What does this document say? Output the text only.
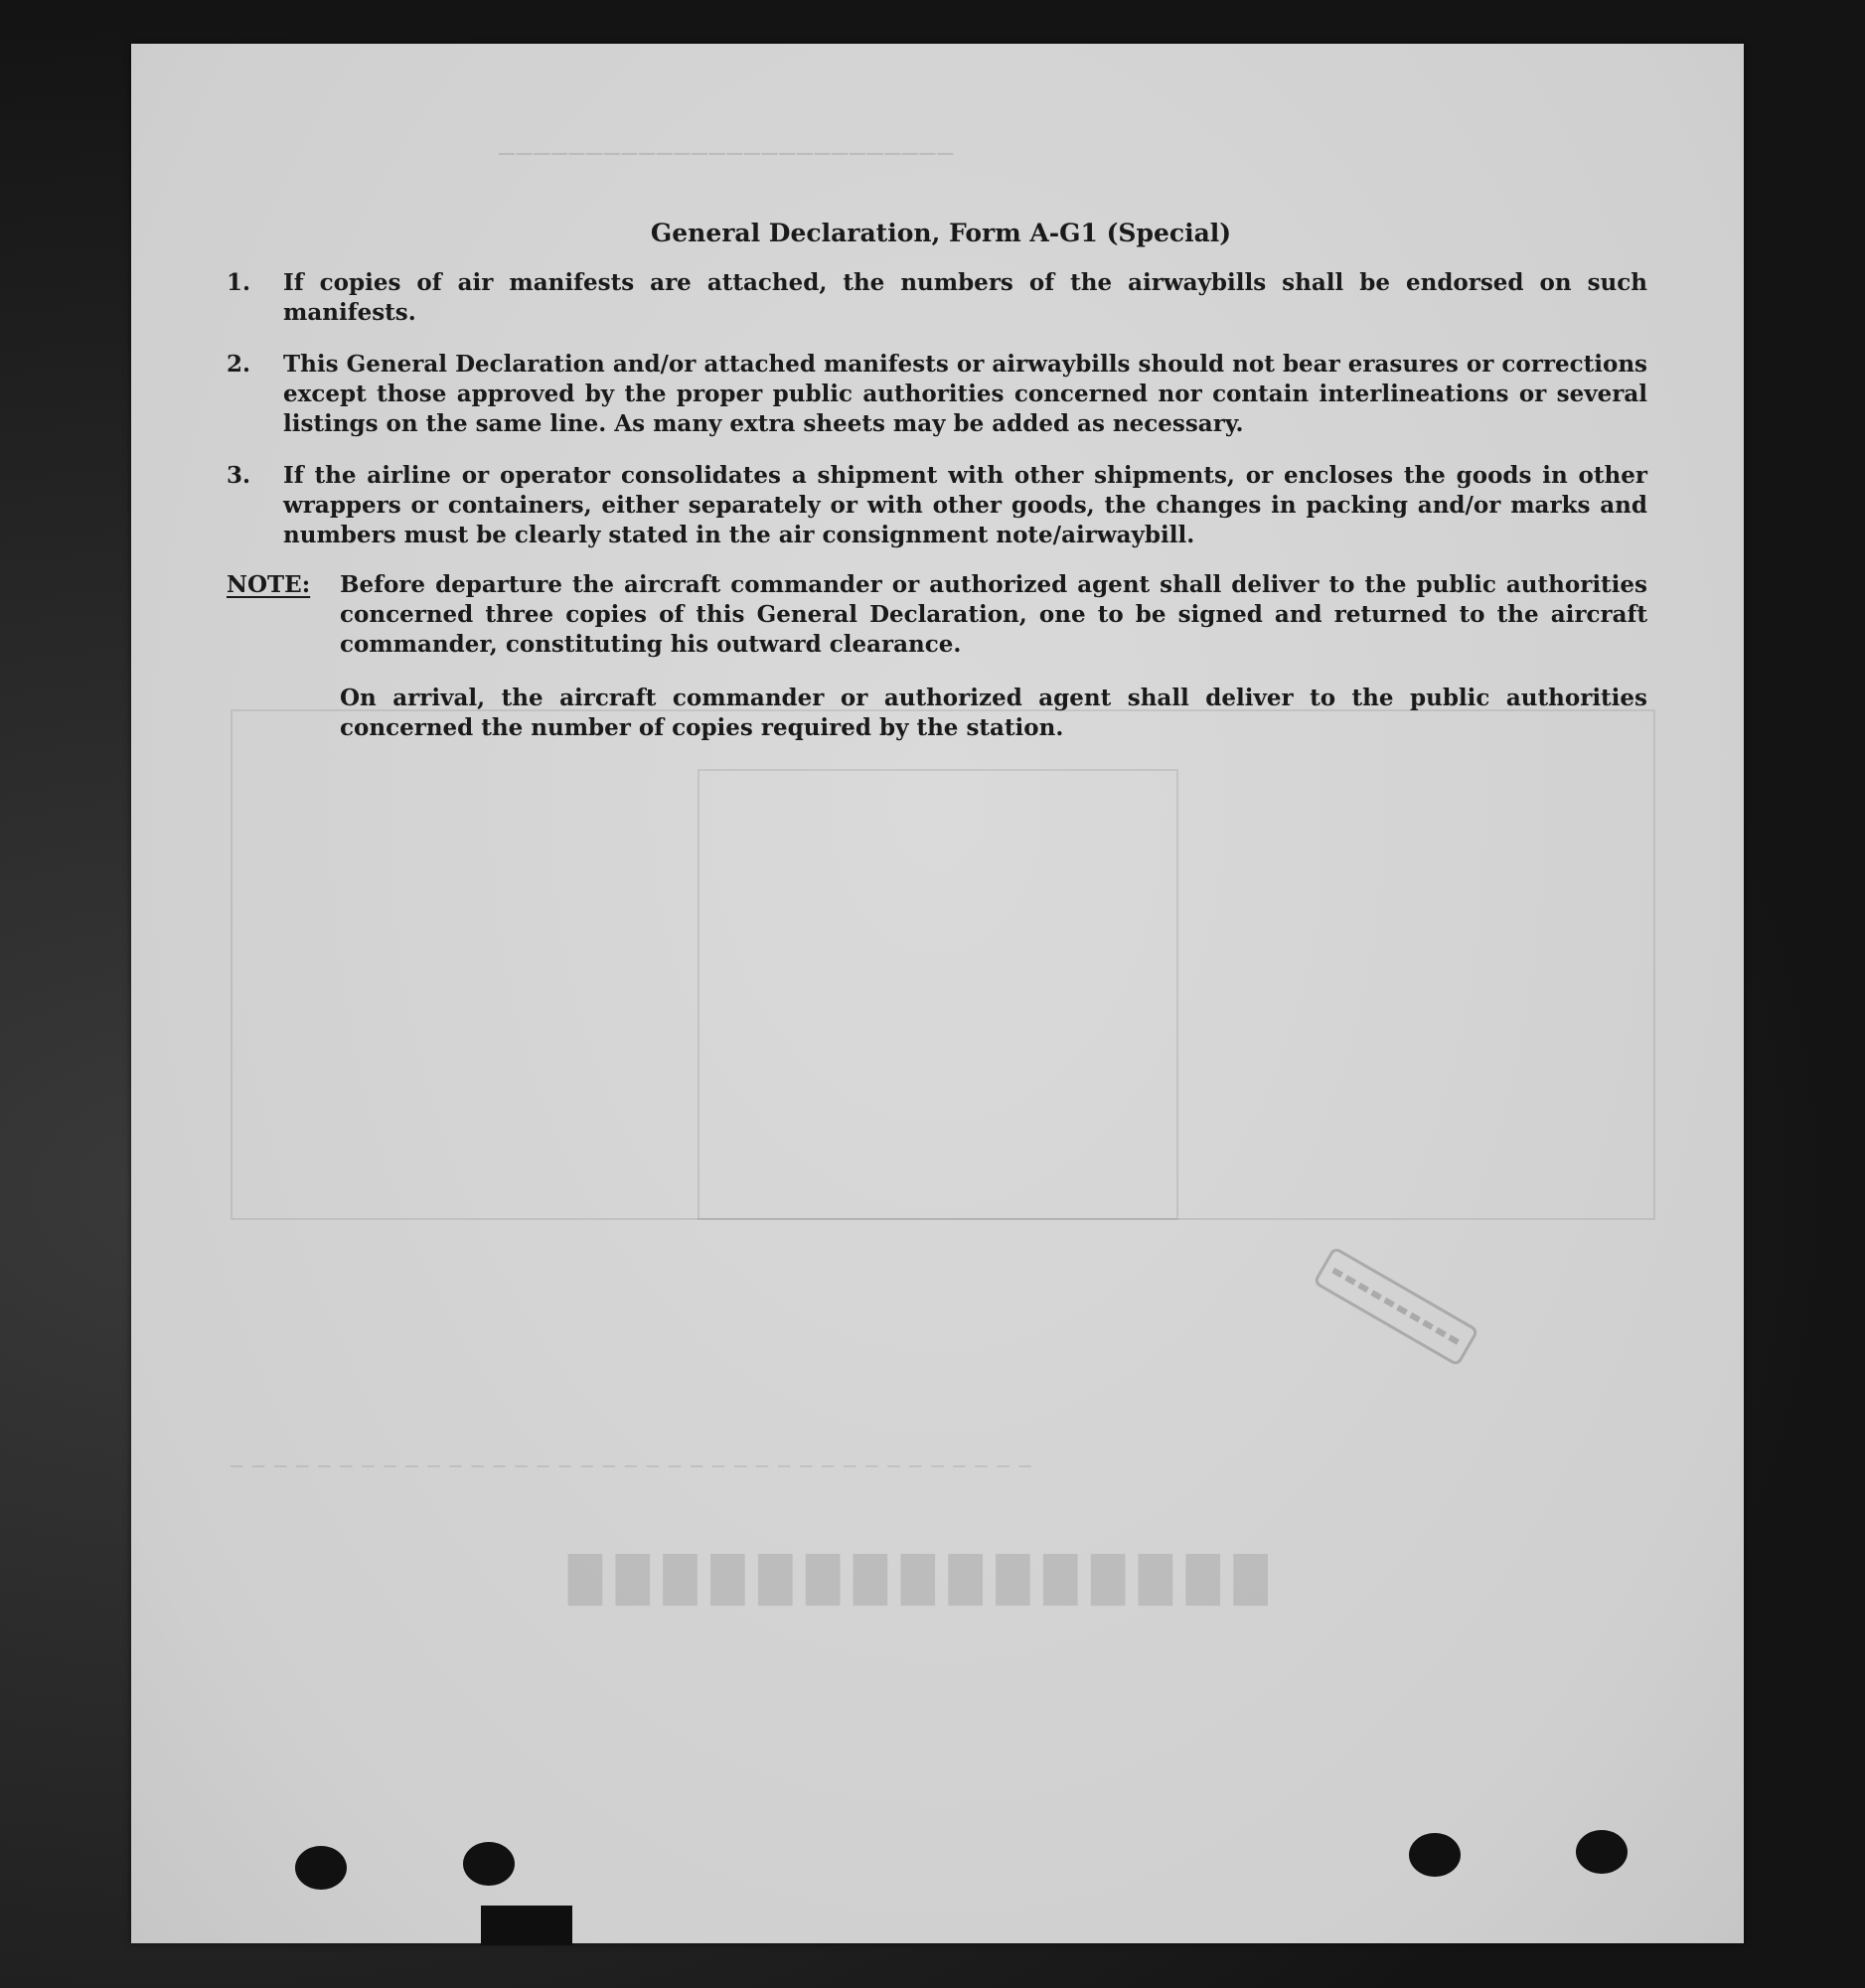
──────────────────────────
███████████████
─────────────────────────────────────
General Declaration, Form A-G1 (Special)
1.	If copies of air manifests are attached, the numbers of the airwaybills shall be endorsed on such manifests.
2.	This General Declaration and/or attached manifests or airwaybills should not bear erasures or corrections except those approved by the proper public authorities concerned nor contain interlineations or several listings on the same line. As many extra sheets may be added as necessary.
3.	If the airline or operator consolidates a shipment with other shipments, or encloses the goods in other wrappers or containers, either separately or with other goods, the changes in packing and/or marks and numbers must be clearly stated in the air consignment note/airwaybill.
NOTE:	Before departure the aircraft commander or authorized agent shall deliver to the public authorities concerned three copies of this General Declaration, one to be signed and returned to the aircraft commander, constituting his outward clearance.
On arrival, the aircraft commander or authorized agent shall deliver to the public authorities concerned the number of copies required by the station.
